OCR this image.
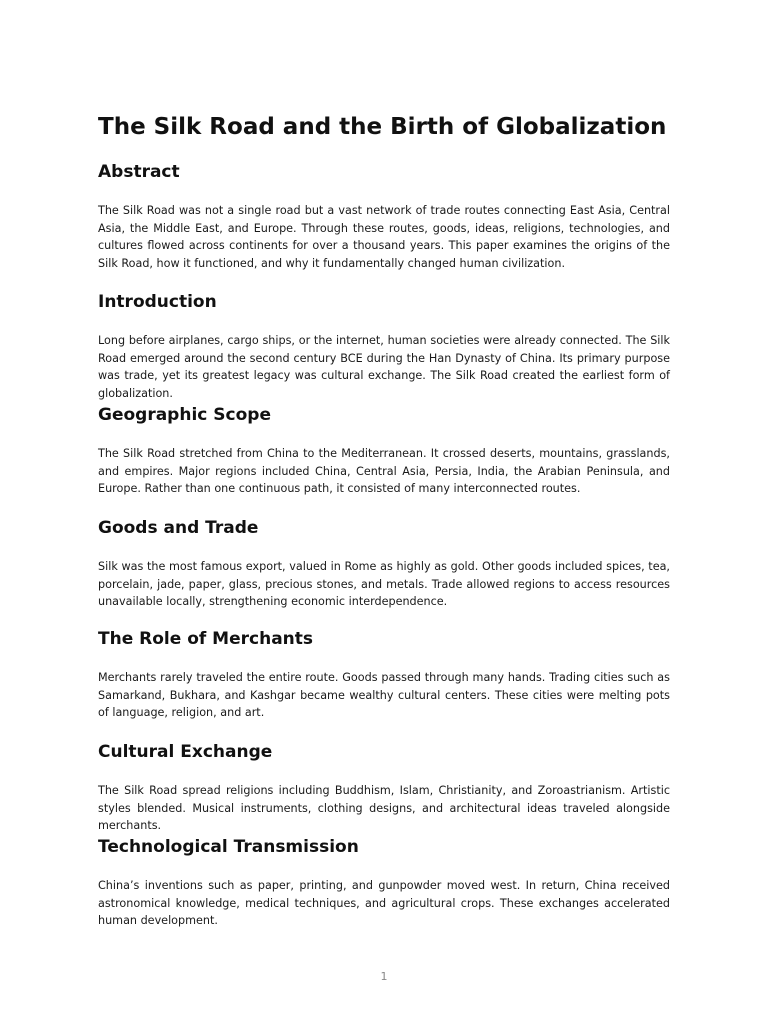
The Silk Road and the Birth of Globalization
Abstract

The Silk Road was not a single road but a vast network of trade routes connecting East Asia, Central Asia, the Middle East, and Europe. Through these routes, goods, ideas, religions, technologies, and cultures flowed across continents for over a thousand years. This paper examines the origins of the Silk Road, how it functioned, and why it fundamentally changed human civilization.

Introduction

Long before airplanes, cargo ships, or the internet, human societies were already connected. The Silk Road emerged around the second century BCE during the Han Dynasty of China. Its primary purpose was trade, yet its greatest legacy was cultural exchange. The Silk Road created the earliest form of globalization.

Geographic Scope

The Silk Road stretched from China to the Mediterranean. It crossed deserts, mountains, grasslands, and empires. Major regions included China, Central Asia, Persia, India, the Arabian Peninsula, and Europe. Rather than one continuous path, it consisted of many interconnected routes.

Goods and Trade

Silk was the most famous export, valued in Rome as highly as gold. Other goods included spices, tea, porcelain, jade, paper, glass, precious stones, and metals. Trade allowed regions to access resources unavailable locally, strengthening economic interdependence.

The Role of Merchants

Merchants rarely traveled the entire route. Goods passed through many hands. Trading cities such as Samarkand, Bukhara, and Kashgar became wealthy cultural centers. These cities were melting pots of language, religion, and art.

Cultural Exchange

The Silk Road spread religions including Buddhism, Islam, Christianity, and Zoroastrianism. Artistic styles blended. Musical instruments, clothing designs, and architectural ideas traveled alongside merchants.

Technological Transmission

China’s inventions such as paper, printing, and gunpowder moved west. In return, China received astronomical knowledge, medical techniques, and agricultural crops. These exchanges accelerated human development.

1
